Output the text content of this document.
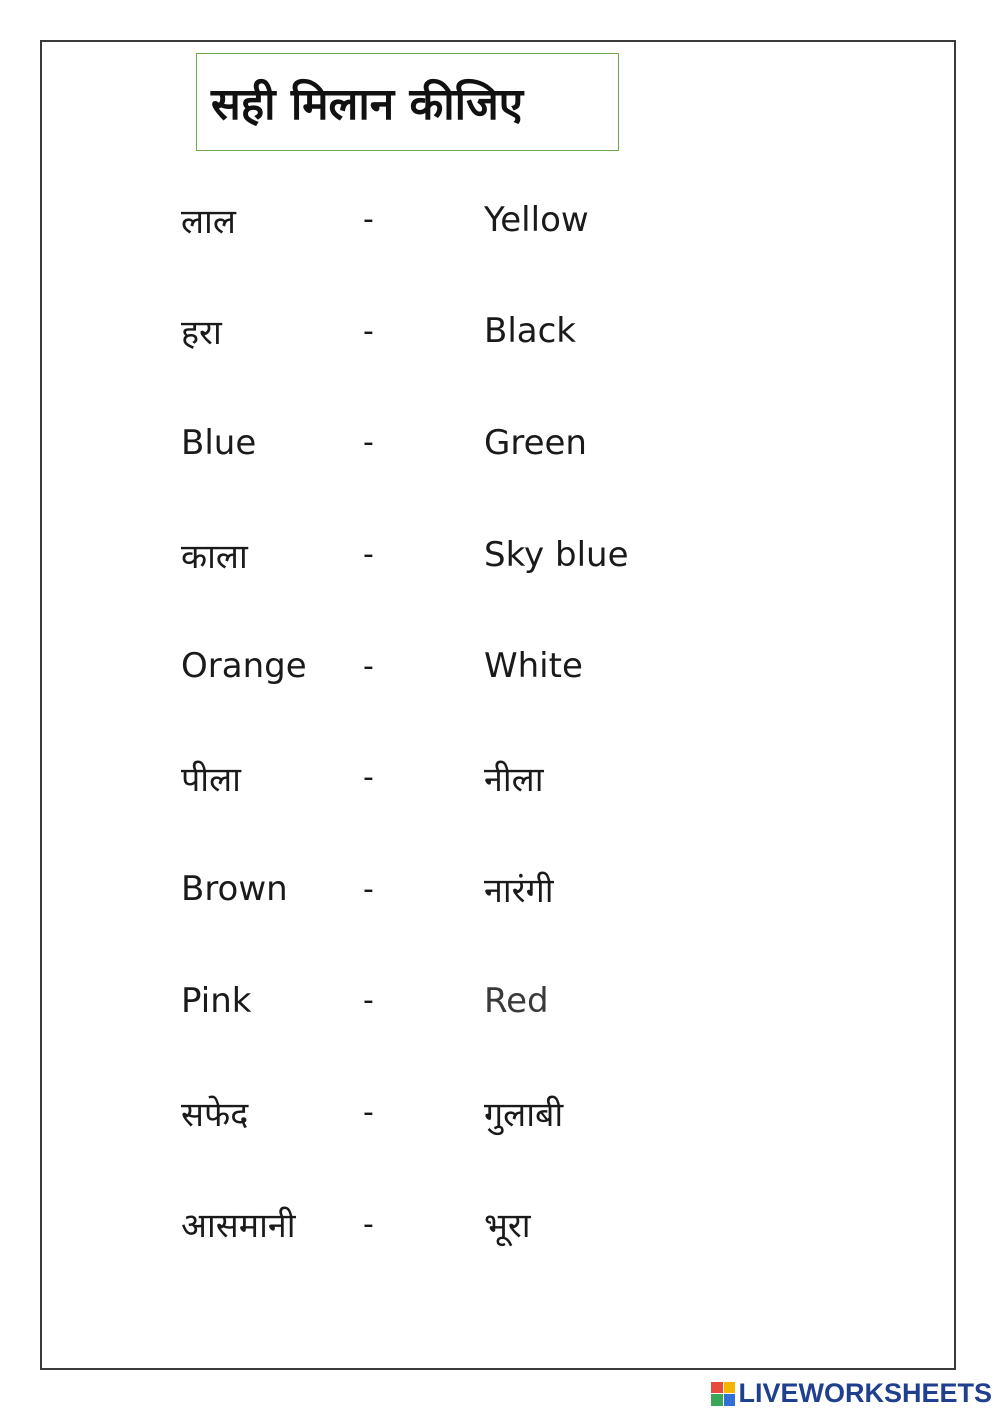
सही मिलान कीजिए
लाल	-	Yellow
हरा	-	Black
Blue	-	Green
काला	-	Sky blue
Orange -	White
पीला	-	नीला
Brown	-	नारंगी
Pink	-	Red
सफेद	-	गुलाबी
आसमानी -	भूरा
LIVEWORKSHEETS
